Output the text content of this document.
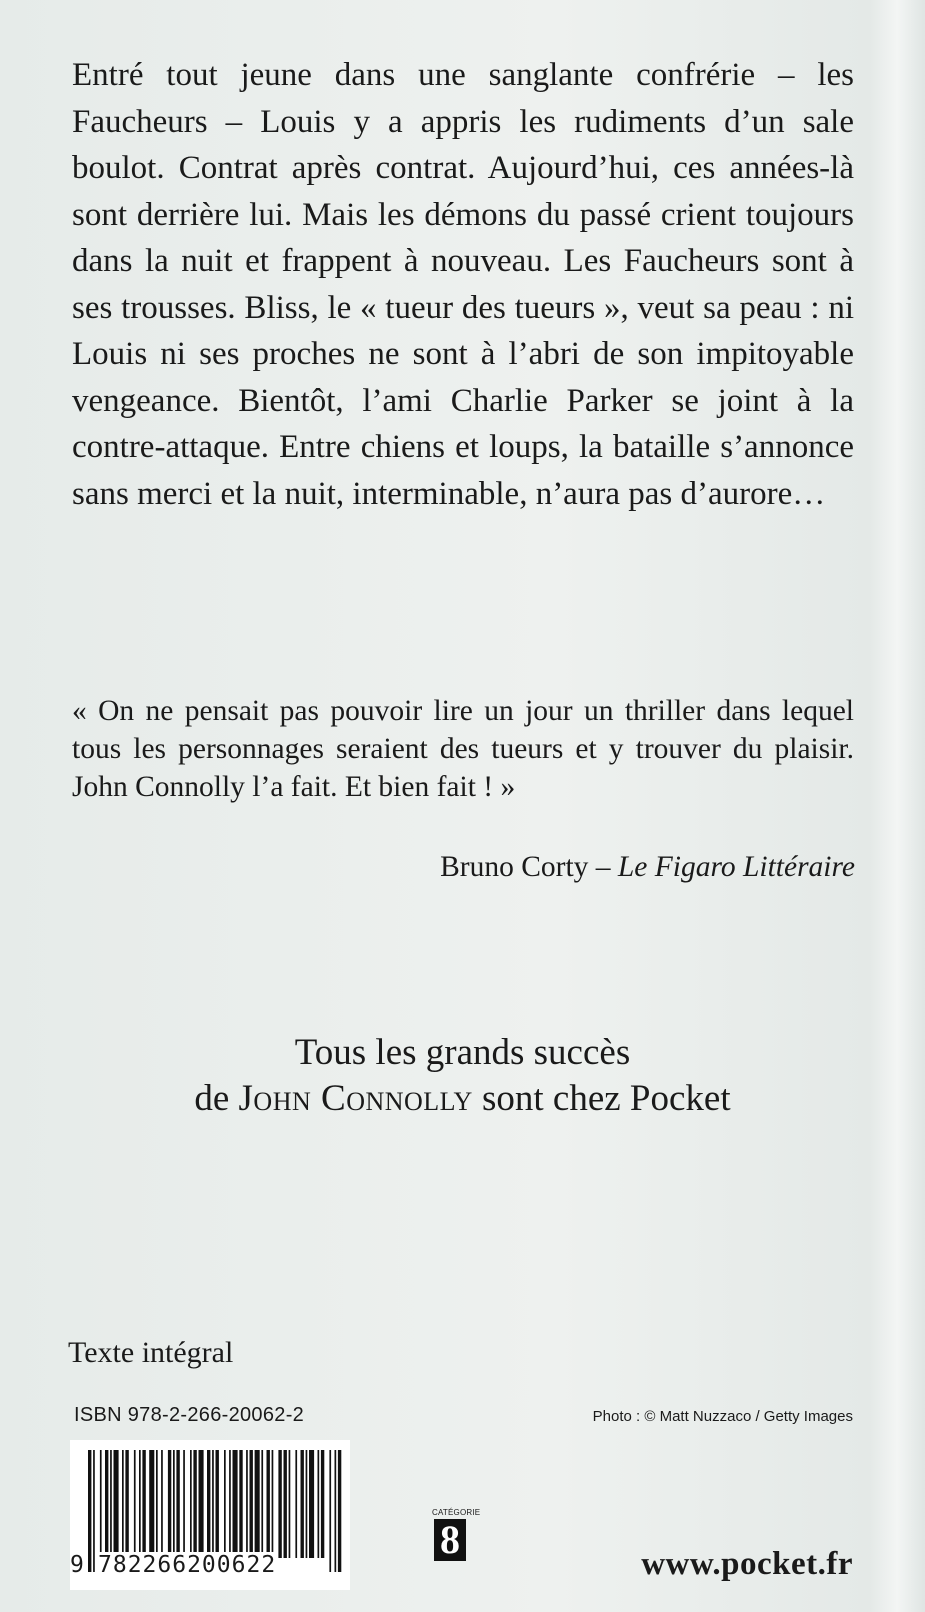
Entré tout jeune dans une sanglante confrérie – les Faucheurs – Louis y a appris les rudiments d’un sale boulot. Contrat après contrat. Aujourd’hui, ces années-là sont derrière lui. Mais les démons du passé crient toujours dans la nuit et frappent à nouveau. Les Faucheurs sont à ses trousses. Bliss, le « tueur des tueurs », veut sa peau : ni Louis ni ses proches ne sont à l’abri de son impitoyable vengeance. Bientôt, l’ami Charlie Parker se joint à la contre-attaque. Entre chiens et loups, la bataille s’annonce sans merci et la nuit, interminable, n’aura pas d’aurore…

« On ne pensait pas pouvoir lire un jour un thriller dans lequel tous les personnages seraient des tueurs et y trouver du plaisir. John Connolly l’a fait. Et bien fait ! »

Bruno Corty – Le Figaro Littéraire
Tous les grands succès
de John Connolly sont chez Pocket
Texte intégral
ISBN 978-2-266-20062-2	Photo : © Matt Nuzzaco / Getty Images
9 782266200622
CATÉGORIE
8
www.pocket.fr
